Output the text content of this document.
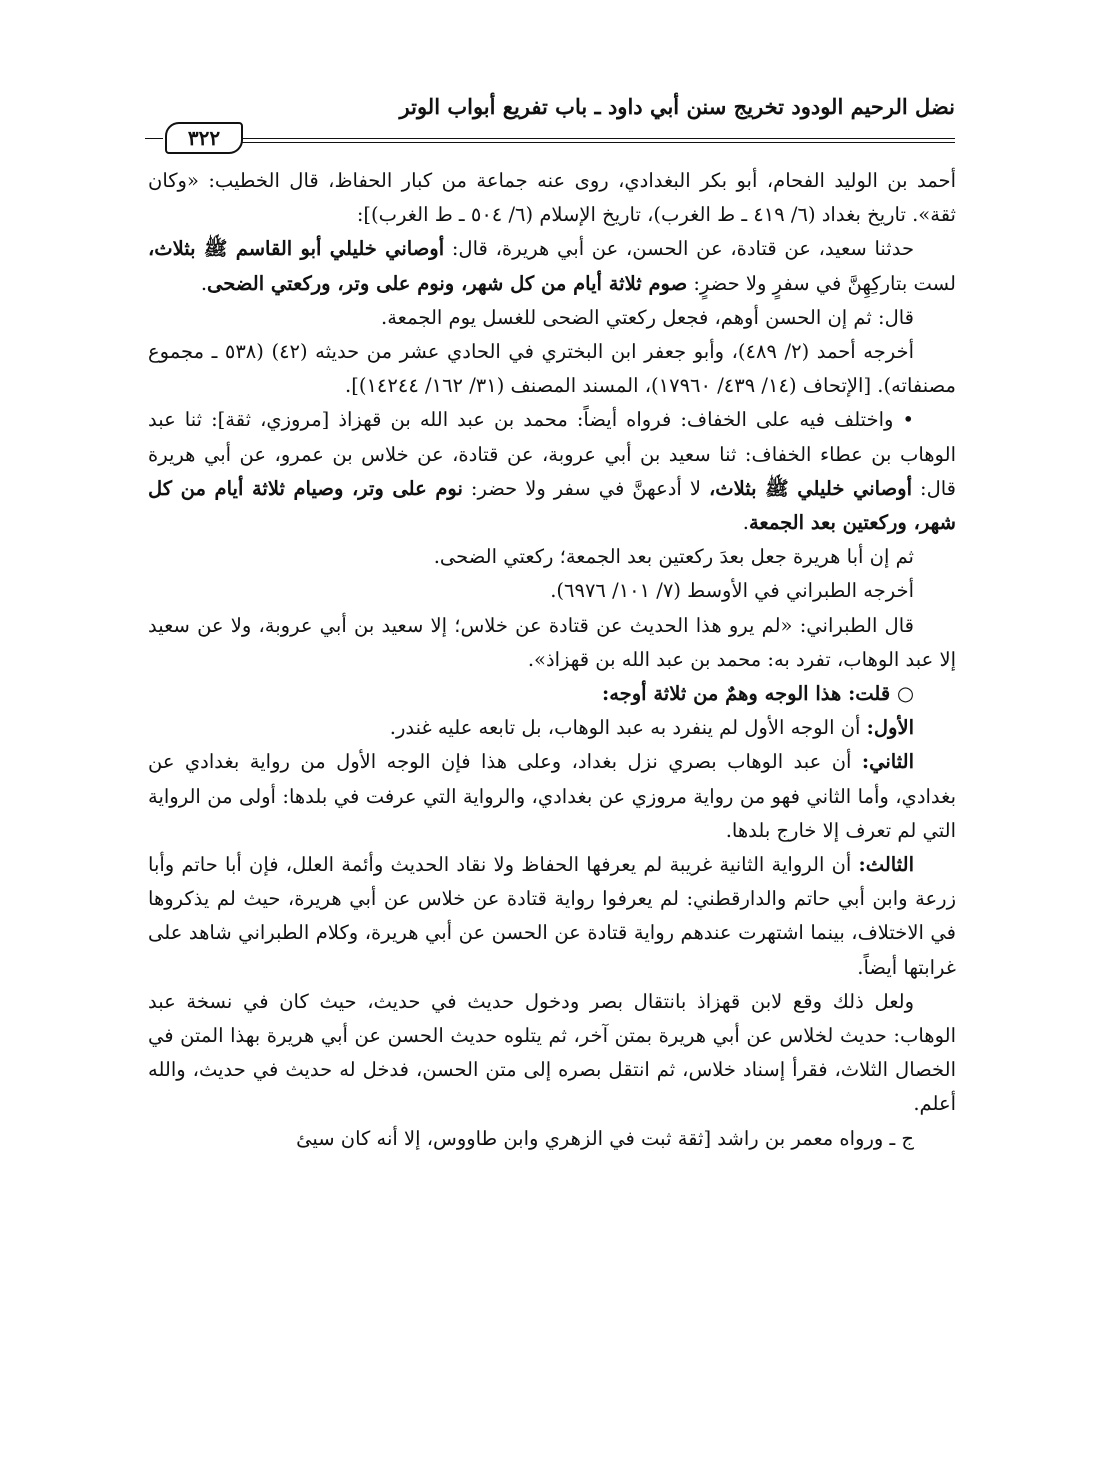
نضل الرحيم الودود تخريج سنن أبي داود ـ باب تفريع أبواب الوتر
٣٢٢

أحمد بن الوليد الفحام، أبو بكر البغدادي، روى عنه جماعة من كبار الحفاظ، قال الخطيب: «وكان ثقة». تاريخ بغداد (٦/ ٤١٩ ـ ط الغرب)، تاريخ الإسلام (٦/ ٥٠٤ ـ ط الغرب)]:

حدثنا سعيد، عن قتادة، عن الحسن، عن أبي هريرة، قال: أوصاني خليلي أبو القاسم ﷺ بثلاث، لست بتاركِهِنَّ في سفرٍ ولا حضرٍ: صوم ثلاثة أيام من كل شهر، ونوم على وتر، وركعتي الضحى.

قال: ثم إن الحسن أوهم، فجعل ركعتي الضحى للغسل يوم الجمعة.

أخرجه أحمد (٢/ ٤٨٩)، وأبو جعفر ابن البختري في الحادي عشر من حديثه (٤٢) (٥٣٨ ـ مجموع مصنفاته). [الإتحاف (١٤/ ٤٣٩/ ١٧٩٦٠)، المسند المصنف (٣١/ ١٦٢/ ١٤٢٤٤)].

• واختلف فيه على الخفاف: فرواه أيضاً: محمد بن عبد الله بن قهزاذ [مروزي، ثقة]: ثنا عبد الوهاب بن عطاء الخفاف: ثنا سعيد بن أبي عروبة، عن قتادة، عن خلاس بن عمرو، عن أبي هريرة قال: أوصاني خليلي ﷺ بثلاث، لا أدعهنَّ في سفر ولا حضر: نوم على وتر، وصيام ثلاثة أيام من كل شهر، وركعتين بعد الجمعة.

ثم إن أبا هريرة جعل بعدَ ركعتين بعد الجمعة؛ ركعتي الضحى.

أخرجه الطبراني في الأوسط (٧/ ١٠١/ ٦٩٧٦).

قال الطبراني: «لم يرو هذا الحديث عن قتادة عن خلاس؛ إلا سعيد بن أبي عروبة، ولا عن سعيد إلا عبد الوهاب، تفرد به: محمد بن عبد الله بن قهزاذ».

○ قلت: هذا الوجه وهمٌ من ثلاثة أوجه:

الأول: أن الوجه الأول لم ينفرد به عبد الوهاب، بل تابعه عليه غندر.

الثاني: أن عبد الوهاب بصري نزل بغداد، وعلى هذا فإن الوجه الأول من رواية بغدادي عن بغدادي، وأما الثاني فهو من رواية مروزي عن بغدادي، والرواية التي عرفت في بلدها: أولى من الرواية التي لم تعرف إلا خارج بلدها.

الثالث: أن الرواية الثانية غريبة لم يعرفها الحفاظ ولا نقاد الحديث وأئمة العلل، فإن أبا حاتم وأبا زرعة وابن أبي حاتم والدارقطني: لم يعرفوا رواية قتادة عن خلاس عن أبي هريرة، حيث لم يذكروها في الاختلاف، بينما اشتهرت عندهم رواية قتادة عن الحسن عن أبي هريرة، وكلام الطبراني شاهد على غرابتها أيضاً.

ولعل ذلك وقع لابن قهزاذ بانتقال بصر ودخول حديث في حديث، حيث كان في نسخة عبد الوهاب: حديث لخلاس عن أبي هريرة بمتن آخر، ثم يتلوه حديث الحسن عن أبي هريرة بهذا المتن في الخصال الثلاث، فقرأ إسناد خلاس، ثم انتقل بصره إلى متن الحسن، فدخل له حديث في حديث، والله أعلم.

ج ـ ورواه معمر بن راشد [ثقة ثبت في الزهري وابن طاووس، إلا أنه كان سيئ
